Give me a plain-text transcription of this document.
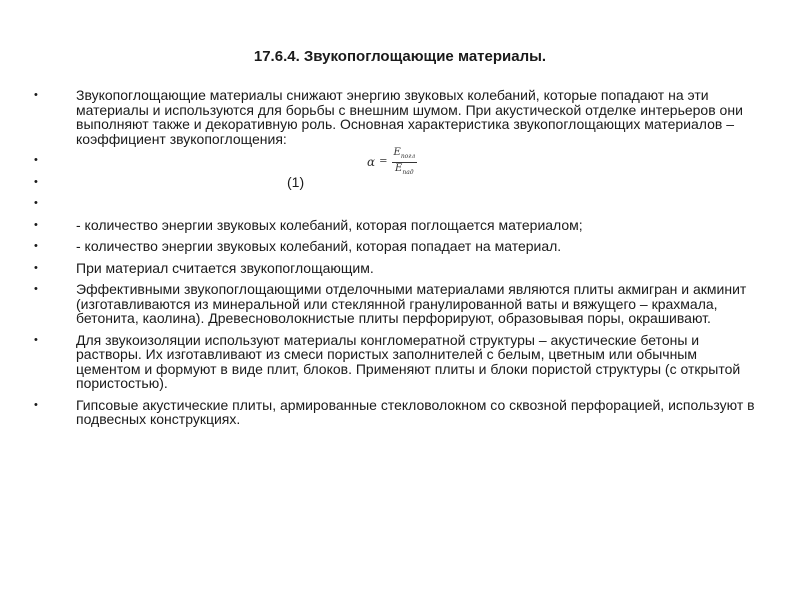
17.6.4. Звукопоглощающие материалы.
•	Звукопоглощающие материалы снижают энергию звуковых колебаний, которые попадают на эти материалы и используются для борьбы с внешним шумом. При акустической отделке интерьеров они выполняют также и декоративную роль. Основная характеристика звукопоглощающих материалов – коэффициент звукопоглощения:
•
•	(1)
$\alpha = \frac{E_{погл}}{E_{пад}}$
•
•	- количество энергии звуковых колебаний, которая поглощается материалом;
•	- количество энергии звуковых колебаний, которая попадает на материал.
•	При материал считается звукопоглощающим.
•	Эффективными звукопоглощающими отделочными материалами являются плиты акмигран и акминит (изготавливаются из минеральной или стеклянной гранулированной ваты и вяжущего – крахмала, бетонита, каолина). Древесноволокнистые плиты перфорируют, образовывая поры, окрашивают.
•	Для звукоизоляции используют материалы конгломератной структуры – акустические бетоны и растворы. Их изготавливают из смеси пористых заполнителей с белым, цветным или обычным цементом и формуют в виде плит, блоков. Применяют плиты и блоки пористой структуры (с открытой пористостью).
•	Гипсовые акустические плиты, армированные стекловолокном со сквозной перфорацией, используют в подвесных конструкциях.
